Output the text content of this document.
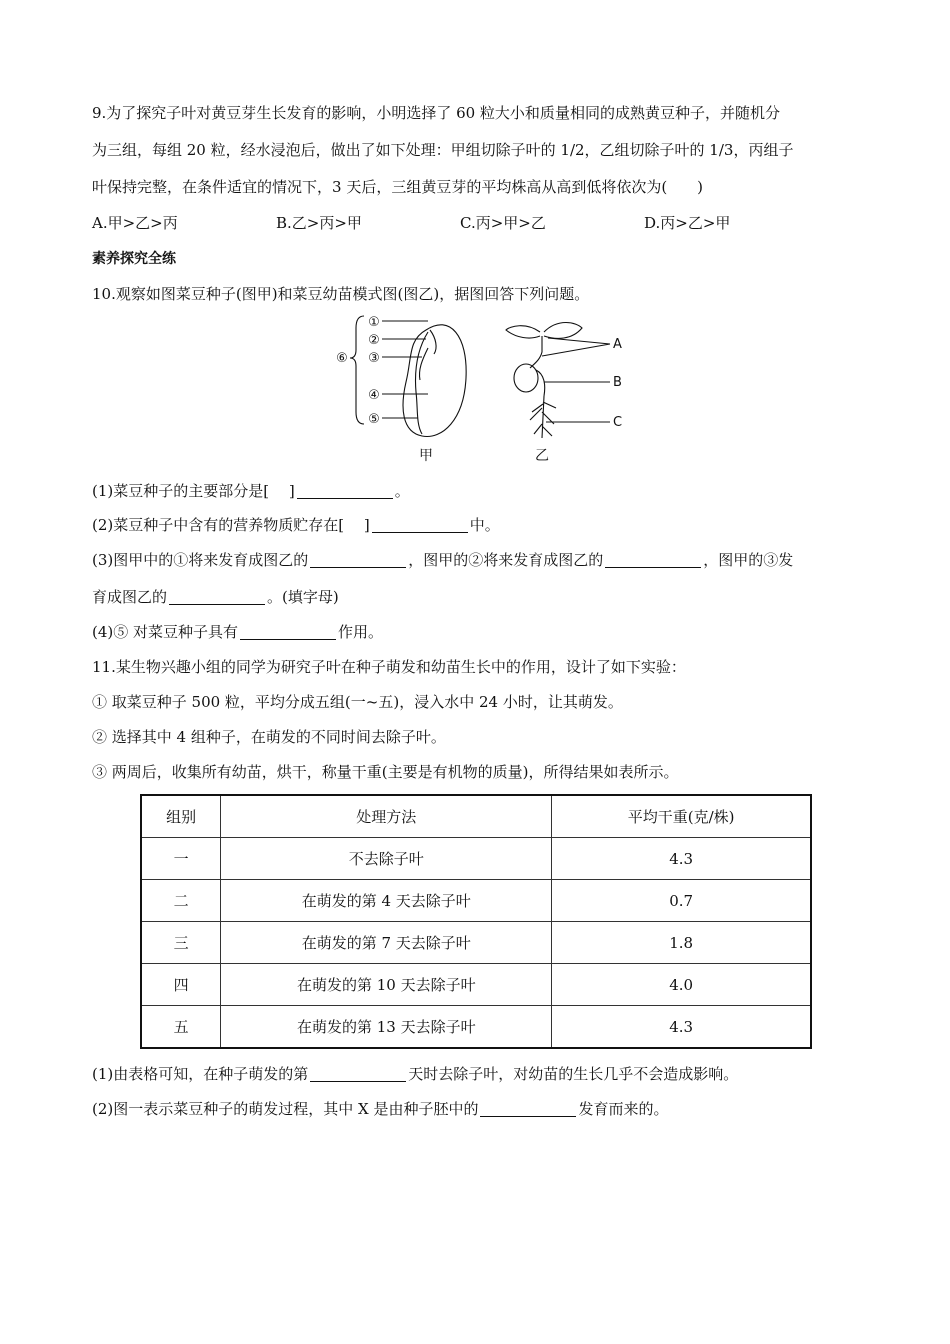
9.为了探究子叶对黄豆芽生长发育的影响，小明选择了 60 粒大小和质量相同的成熟黄豆种子，并随机分
为三组，每组 20 粒，经水浸泡后，做出了如下处理：甲组切除子叶的 1/2，乙组切除子叶的 1/3，丙组子
叶保持完整，在条件适宜的情况下，3 天后，三组黄豆芽的平均株高从高到低将依次为(　　)
A.甲>乙>丙	B.乙>丙>甲	C.丙>甲>乙	D.丙>乙>甲
素养探究全练
10.观察如图菜豆种子(图甲)和菜豆幼苗模式图(图乙)，据图回答下列问题。
①
②
③
④
⑤
⑥
A
B
C
甲	乙
(1)菜豆种子的主要部分是[　 ]	。
(2)菜豆种子中含有的营养物质贮存在[　 ]	中。
(3)图甲中的①将来发育成图乙的	，图甲的②将来发育成图乙的	，图甲的③发
育成图乙的	。(填字母)
(4)⑤ 对菜豆种子具有	作用。
11.某生物兴趣小组的同学为研究子叶在种子萌发和幼苗生长中的作用，设计了如下实验：
① 取菜豆种子 500 粒，平均分成五组(一~五)，浸入水中 24 小时，让其萌发。
② 选择其中 4 组种子，在萌发的不同时间去除子叶。
③ 两周后，收集所有幼苗，烘干，称量干重(主要是有机物的质量)，所得结果如表所示。
组别	处理方法	平均干重(克/株)
一	不去除子叶	4.3
二	在萌发的第 4 天去除子叶	0.7
三	在萌发的第 7 天去除子叶	1.8
四	在萌发的第 10 天去除子叶	4.0
五	在萌发的第 13 天去除子叶	4.3
(1)由表格可知，在种子萌发的第	天时去除子叶，对幼苗的生长几乎不会造成影响。
(2)图一表示菜豆种子的萌发过程，其中 X 是由种子胚中的	发育而来的。
